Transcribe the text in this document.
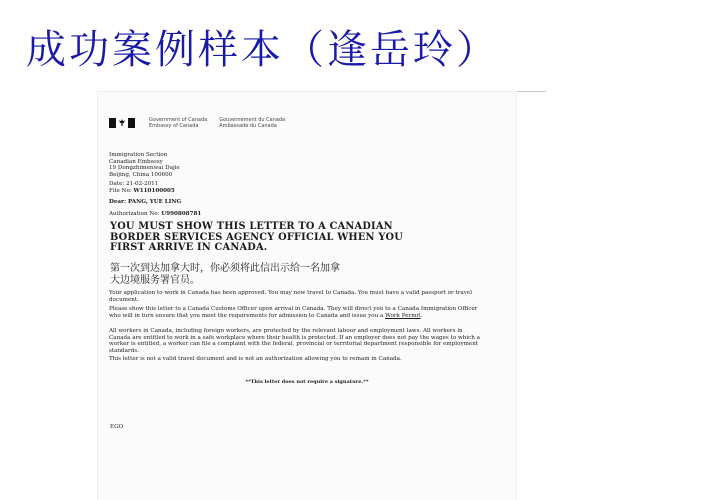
成功案例样本（逢岳玲）
Government of Canada
Embassy of Canada
Gouvernement du Canada
Ambassade du Canada
Immigration Section
Canadian Embassy
19 Dongzhimenwai Dajie
Beijing, China 100600
Date: 21-02-2011
File No: W110100005
Dear: PANG, YUE LING
Authorization No: U990808781
YOU MUST SHOW THIS LETTER TO A CANADIAN BORDER SERVICES AGENCY OFFICIAL WHEN YOU FIRST ARRIVE IN CANADA.
第一次到达加拿大时，你必须将此信出示给一名加拿
大边境服务署官员。
Your application to work in Canada has been approved. You may now travel to Canada. You must have a valid passport or travel document.
Please show this letter to a Canada Customs Officer upon arrival in Canada. They will direct you to a Canada Immigration Officer who will in turn ensure that you meet the requirements for admission to Canada and issue you a Work Permit.
All workers in Canada, including foreign workers, are protected by the relevant labour and employment laws. All workers in Canada are entitled to work in a safe workplace where their health is protected. If an employer does not pay the wages to which a worker is entitled, a worker can file a complaint with the federal, provincial or territorial department responsible for employment standards.
This letter is not a valid travel document and is not an authorization allowing you to remain in Canada.
**This letter does not require a signature.**
EGO
